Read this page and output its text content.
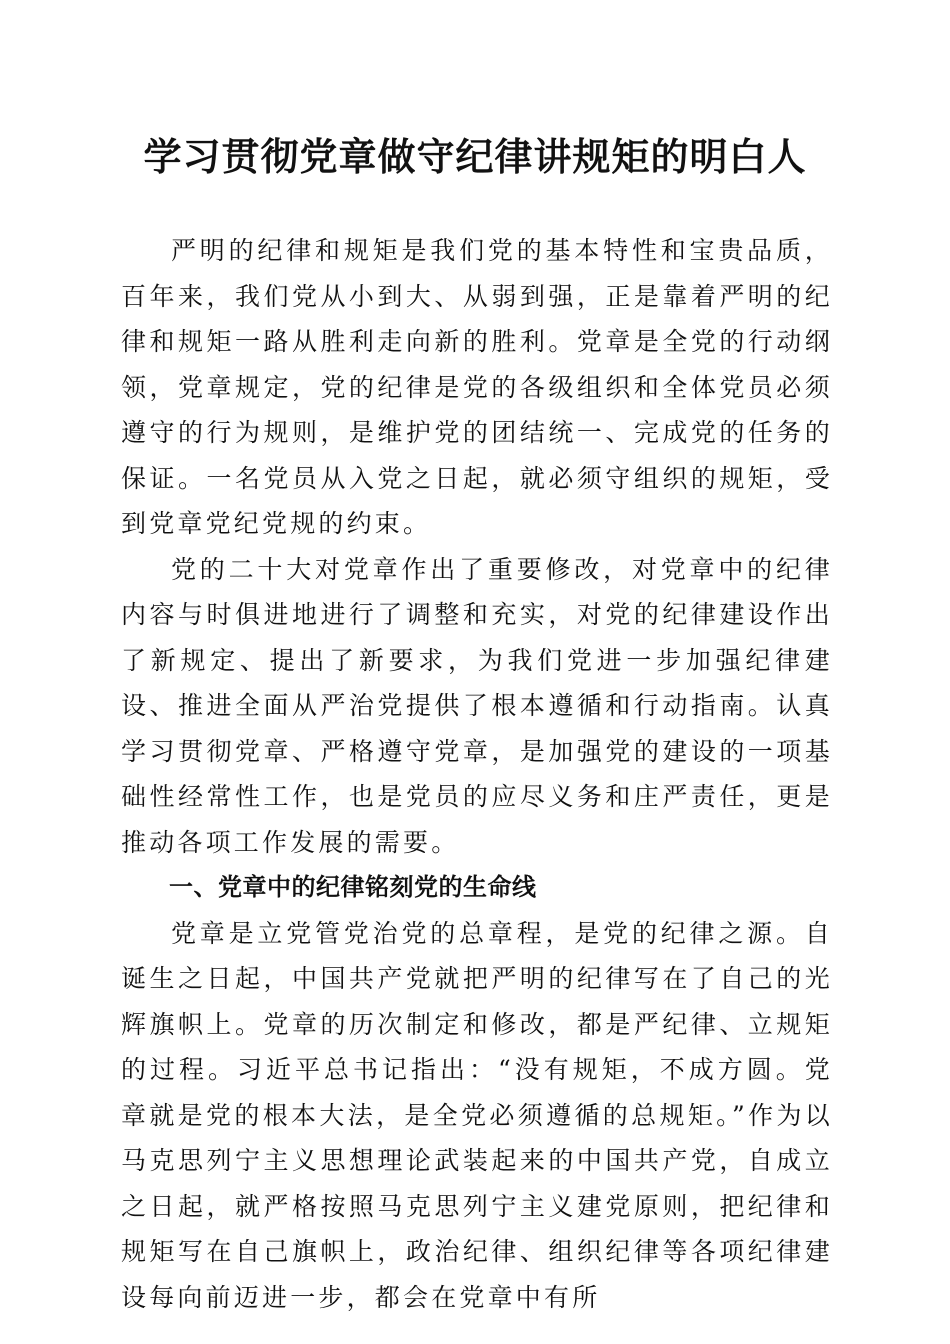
学习贯彻党章做守纪律讲规矩的明白人

严明的纪律和规矩是我们党的基本特性和宝贵品质，百年来，我们党从小到大、从弱到强，正是靠着严明的纪律和规矩一路从胜利走向新的胜利。党章是全党的行动纲领，党章规定，党的纪律是党的各级组织和全体党员必须遵守的行为规则，是维护党的团结统一、完成党的任务的保证。一名党员从入党之日起，就必须守组织的规矩，受到党章党纪党规的约束。

党的二十大对党章作出了重要修改，对党章中的纪律内容与时俱进地进行了调整和充实，对党的纪律建设作出了新规定、提出了新要求，为我们党进一步加强纪律建设、推进全面从严治党提供了根本遵循和行动指南。认真学习贯彻党章、严格遵守党章，是加强党的建设的一项基础性经常性工作，也是党员的应尽义务和庄严责任，更是推动各项工作发展的需要。

一、党章中的纪律铭刻党的生命线

党章是立党管党治党的总章程，是党的纪律之源。自诞生之日起，中国共产党就把严明的纪律写在了自己的光辉旗帜上。党章的历次制定和修改，都是严纪律、立规矩的过程。习近平总书记指出：“没有规矩，不成方圆。党章就是党的根本大法，是全党必须遵循的总规矩。”作为以马克思列宁主义思想理论武装起来的中国共产党，自成立之日起，就严格按照马克思列宁主义建党原则，把纪律和规矩写在自己旗帜上，政治纪律、组织纪律等各项纪律建设每向前迈进一步，都会在党章中有所
